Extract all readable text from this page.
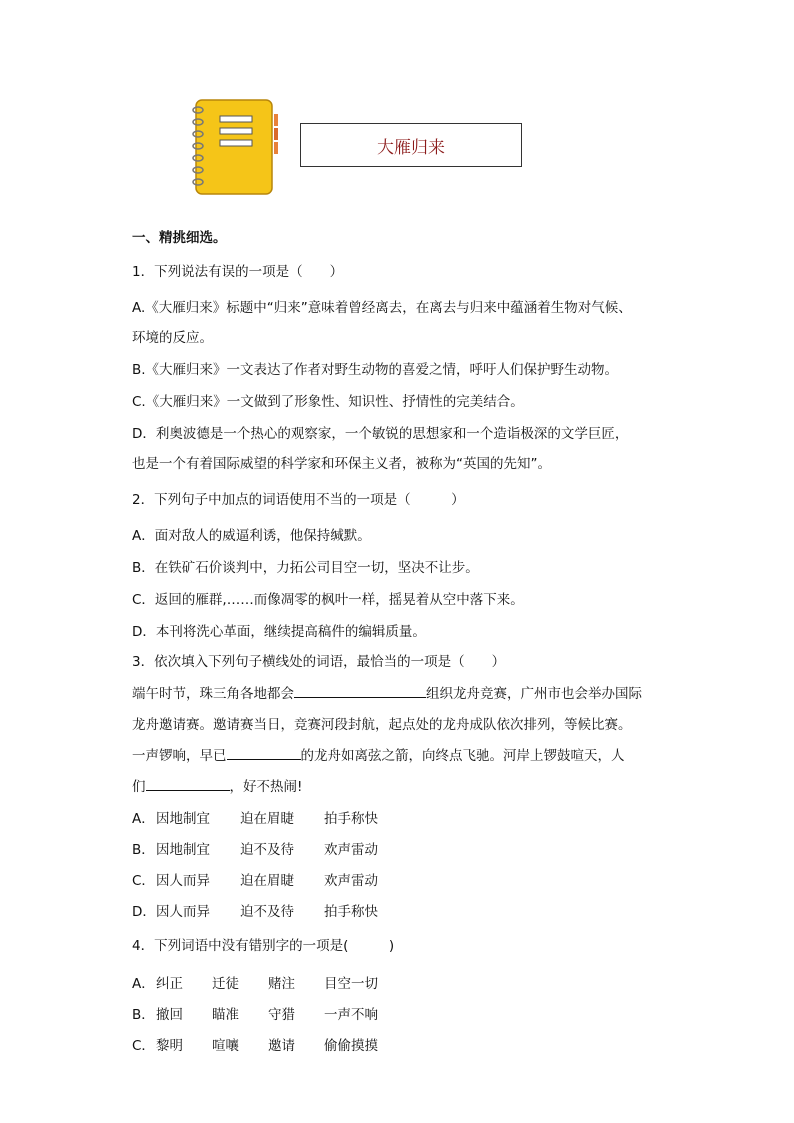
大雁归来
一、精挑细选。
1．下列说法有误的一项是（　　）
A.《大雁归来》标题中“归来”意味着曾经离去，在离去与归来中蕴涵着生物对气候、
环境的反应。
B.《大雁归来》一文表达了作者对野生动物的喜爱之情，呼吁人们保护野生动物。
C.《大雁归来》一文做到了形象性、知识性、抒情性的完美结合。
D．利奥波德是一个热心的观察家，一个敏锐的思想家和一个造诣极深的文学巨匠，
也是一个有着国际威望的科学家和环保主义者，被称为“英国的先知”。
2．下列句子中加点的词语使用不当的一项是（　　　）
A．面对敌人的威逼利诱，他保持缄默。
B．在铁矿石价谈判中，力拓公司目空一切，坚决不让步。
C．返回的雁群,……而像凋零的枫叶一样，摇晃着从空中落下来。
D．本刊将洗心革面，继续提高稿件的编辑质量。
3．依次填入下列句子横线处的词语，最恰当的一项是（　　）
端午时节，珠三角各地都会	组织龙舟竞赛，广州市也会举办国际
龙舟邀请赛。邀请赛当日，竞赛河段封航，起点处的龙舟成队依次排列，等候比赛。
一声锣响，早已	的龙舟如离弦之箭，向终点飞驰。河岸上锣鼓喧天，人
们	，好不热闹!
A．因地制宜 迫在眉睫 拍手称快
B．因地制宜 迫不及待 欢声雷动
C．因人而异 迫在眉睫 欢声雷动
D．因人而异 迫不及待 拍手称快
4．下列词语中没有错别字的一项是(　　　)
A．纠正 迁徒 赌注 目空一切
B．撤回 瞄准 守猎 一声不响
C．黎明 喧嚷 邀请 偷偷摸摸
